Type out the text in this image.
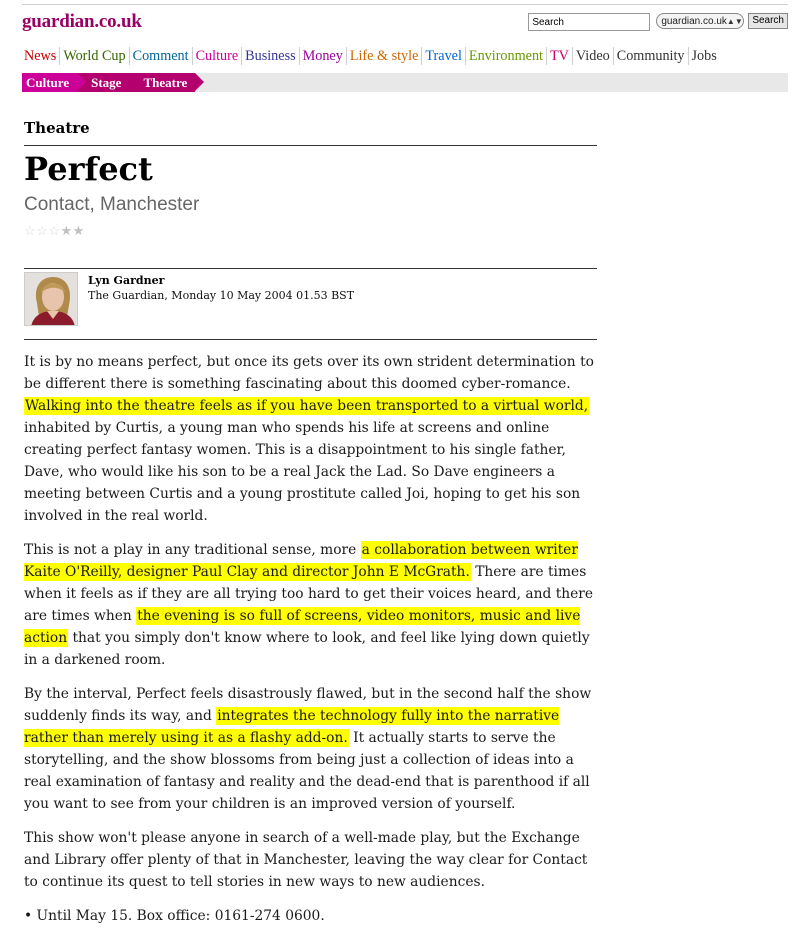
guardian.co.uk
Search	guardian.co.uk ▲▼ Search
News World Cup Comment Culture Business Money Life & style Travel Environment TV Video Community Jobs
Culture	Stage	Theatre
Theatre
Perfect
Contact, Manchester
☆ ☆ ☆ ★ ★
Lyn Gardner
The Guardian, Monday 10 May 2004 01.53 BST

It is by no means perfect, but once its gets over its own strident determination to be different there is something fascinating about this doomed cyber-romance. Walking into the theatre feels as if you have been transported to a virtual world, inhabited by Curtis, a young man who spends his life at screens and online creating perfect fantasy women. This is a disappointment to his single father, Dave, who would like his son to be a real Jack the Lad. So Dave engineers a meeting between Curtis and a young prostitute called Joi, hoping to get his son involved in the real world.

This is not a play in any traditional sense, more a collaboration between writer Kaite O'Reilly, designer Paul Clay and director John E McGrath. There are times when it feels as if they are all trying too hard to get their voices heard, and there are times when the evening is so full of screens, video monitors, music and live action that you simply don't know where to look, and feel like lying down quietly in a darkened room.

By the interval, Perfect feels disastrously flawed, but in the second half the show suddenly finds its way, and integrates the technology fully into the narrative rather than merely using it as a flashy add-on. It actually starts to serve the storytelling, and the show blossoms from being just a collection of ideas into a real examination of fantasy and reality and the dead-end that is parenthood if all you want to see from your children is an improved version of yourself.

This show won't please anyone in search of a well-made play, but the Exchange and Library offer plenty of that in Manchester, leaving the way clear for Contact to continue its quest to tell stories in new ways to new audiences.

• Until May 15. Box office: 0161-274 0600.
